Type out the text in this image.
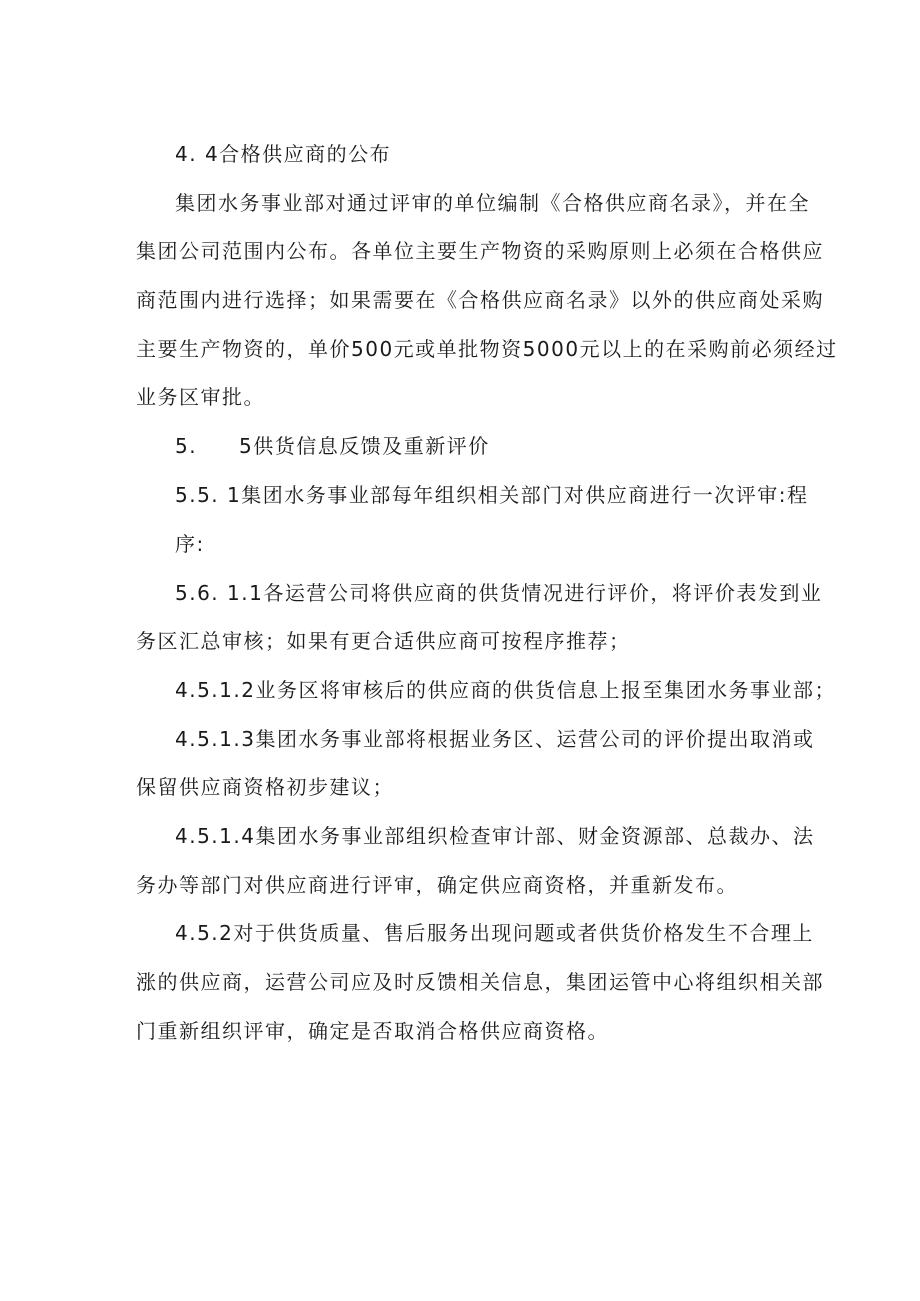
4. 4合格供应商的公布
集团水务事业部对通过评审的单位编制《合格供应商名录》，并在全
集团公司范围内公布。各单位主要生产物资的采购原则上必须在合格供应
商范围内进行选择；如果需要在《合格供应商名录》以外的供应商处采购
主要生产物资的，单价500元或单批物资5000元以上的在采购前必须经过
业务区审批。
5. 5供货信息反馈及重新评价
5.5. 1集团水务事业部每年组织相关部门对供应商进行一次评审:程
序:
5.6. 1.1各运营公司将供应商的供货情况进行评价，将评价表发到业
务区汇总审核；如果有更合适供应商可按程序推荐；
4.5.1.2业务区将审核后的供应商的供货信息上报至集团水务事业部；
4.5.1.3集团水务事业部将根据业务区、运营公司的评价提出取消或
保留供应商资格初步建议；
4.5.1.4集团水务事业部组织检查审计部、财金资源部、总裁办、法
务办等部门对供应商进行评审，确定供应商资格，并重新发布。
4.5.2对于供货质量、售后服务出现问题或者供货价格发生不合理上
涨的供应商，运营公司应及时反馈相关信息，集团运管中心将组织相关部
门重新组织评审，确定是否取消合格供应商资格。
